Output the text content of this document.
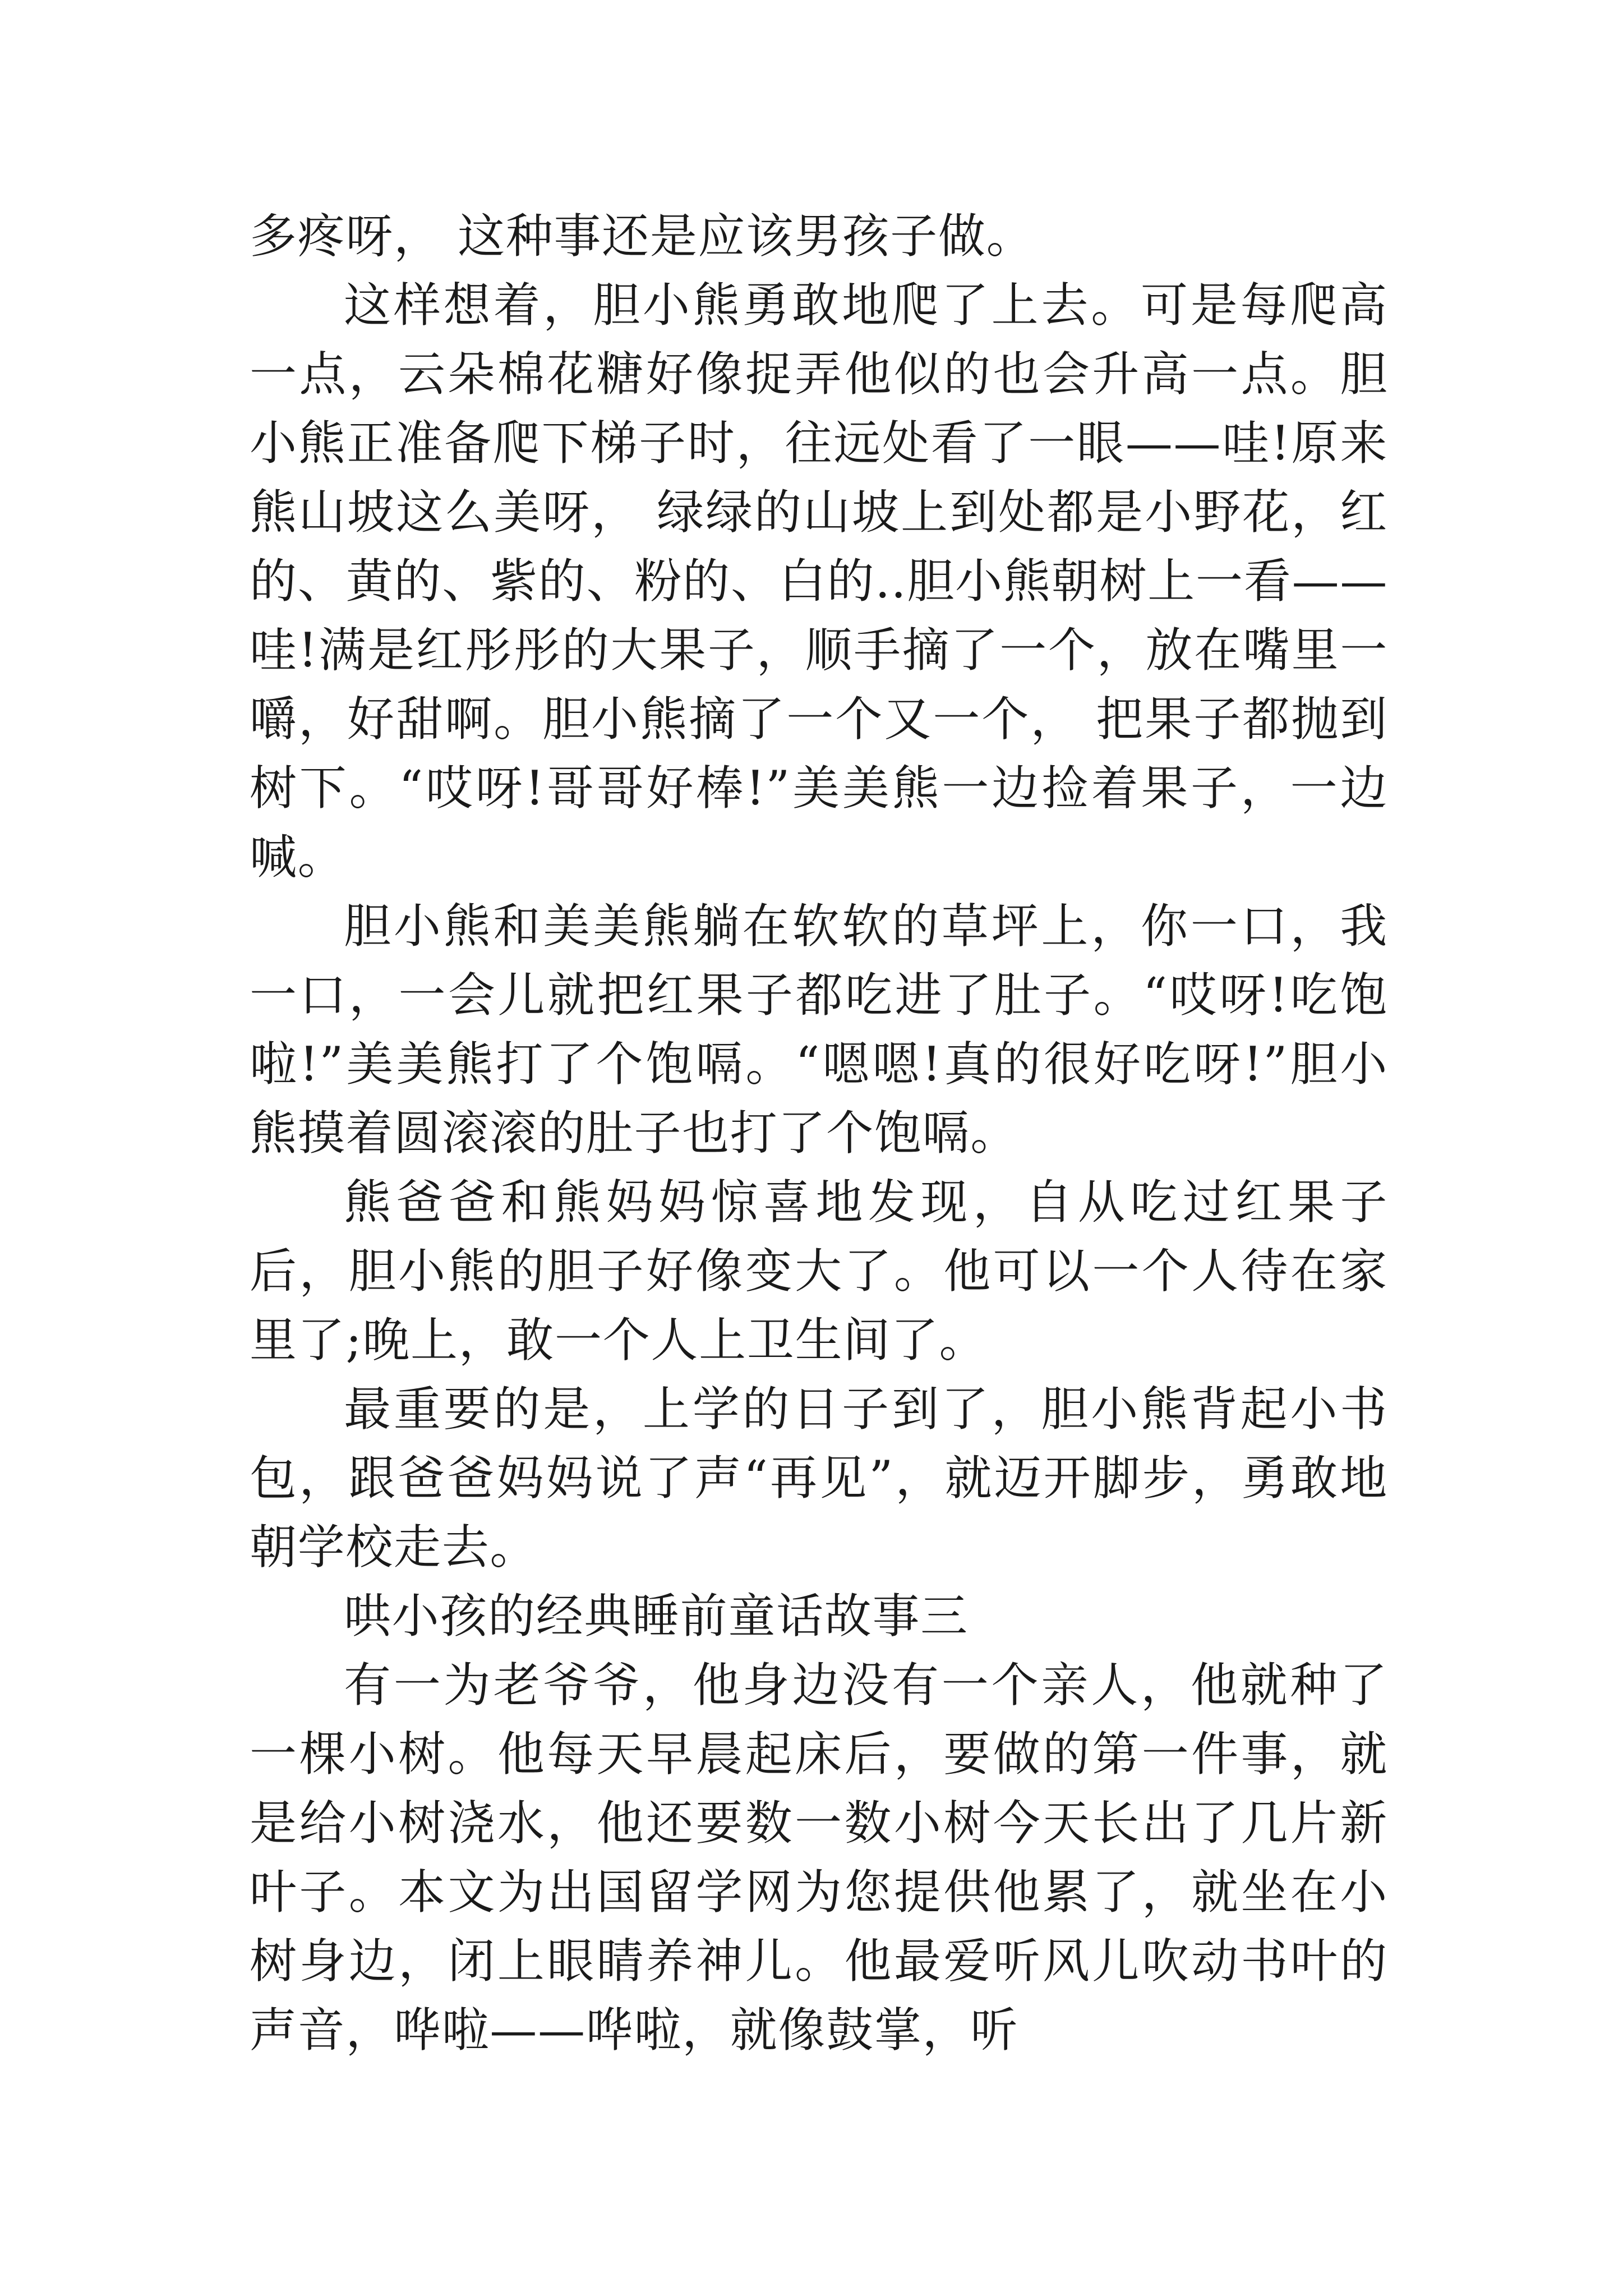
多疼呀， 这种事还是应该男孩子做。

这样想着，胆小熊勇敢地爬了上去。可是每爬高一点，云朵棉花糖好像捉弄他似的也会升高一点。胆小熊正准备爬下梯子时，往远处看了一眼——哇!原来熊山坡这么美呀， 绿绿的山坡上到处都是小野花，红的、黄的、紫的、粉的、白的..胆小熊朝树上一看——哇!满是红彤彤的大果子，顺手摘了一个，放在嘴里一嚼，好甜啊。胆小熊摘了一个又一个， 把果子都抛到树下。“哎呀!哥哥好棒!”美美熊一边捡着果子，一边喊。

胆小熊和美美熊躺在软软的草坪上，你一口，我一口，一会儿就把红果子都吃进了肚子。“哎呀!吃饱啦!”美美熊打了个饱嗝。“嗯嗯!真的很好吃呀!”胆小熊摸着圆滚滚的肚子也打了个饱嗝。

熊爸爸和熊妈妈惊喜地发现，自从吃过红果子后，胆小熊的胆子好像变大了。他可以一个人待在家里了;晚上，敢一个人上卫生间了。

最重要的是，上学的日子到了，胆小熊背起小书包，跟爸爸妈妈说了声“再见”，就迈开脚步，勇敢地朝学校走去。

哄小孩的经典睡前童话故事三

有一为老爷爷，他身边没有一个亲人，他就种了一棵小树。他每天早晨起床后，要做的第一件事，就是给小树浇水，他还要数一数小树今天长出了几片新叶子。本文为出国留学网为您提供他累了，就坐在小树身边，闭上眼睛养神儿。他最爱听风儿吹动书叶的声音，哗啦——哗啦，就像鼓掌，听
